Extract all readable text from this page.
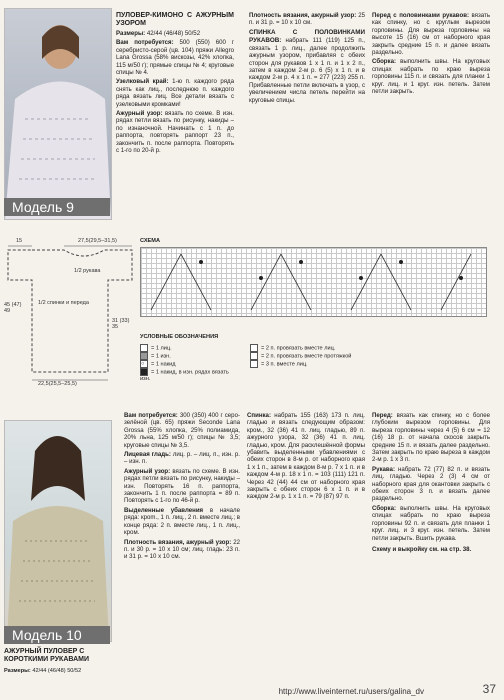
Модель 9
ПУЛОВЕР-КИМОНО С АЖУРНЫМ УЗОРОМ

Размеры: 42/44 (46/48) 50/52

Вам потребуется: 500 (550) 600 г серебристо-серой (цв. 104) пряжи Allegro Lana Grossa (58% вискозы, 42% хлопка, 115 м/50 г); прямые спицы № 4; круговые спицы № 4.

Узелковый край: 1-ю п. каждого ряда снять как лиц., последнюю п. каждого ряда вязать лиц. Все детали вязать с узелковыми кромками!

Ажурный узор: вязать по схеме. В изн. рядах петли вязать по рисунку, накиды – по изнаночной. Начинать с 1 п. до раппорта, повторять раппорт 23 п., закончить п. после раппорта. Повторять с 1-го по 20-й р.

Плотность вязания, ажурный узор: 25 п. и 31 р. = 10 х 10 см.

СПИНКА С ПОЛОВИНКАМИ РУКАВОВ: набрать 111 (119) 125 п., связать 1 р. лиц., далее продолжить ажурным узором, прибавляя с обеих сторон для рукавов 1 х 1 п. и 1 х 2 п., затем в каждом 2-м р. 6 (5) х 1 п. и в каждом 2-м р. 4 х 1 п. = 277 (223) 255 п. Прибавленные петли включать в узор, с увеличением числа петель перейти на круговые спицы.

Перед с половинками рукавов: вязать как спинку, но с круглым вырезом горловины. Для выреза горловины на высоте 15 (16) см от наборного края закрыть средние 15 п. и далее вязать раздельно.

Сборка: выполнить швы. На круговых спицах набрать по краю выреза горловины 115 п. и связать для планки 1 круг. лиц. и 1 круг. изн. петель. Затем петли закрыть.

15	27,5(29,5–31,5)
1/2 рукава
1/2 спинки и переда
45 (47) 49
31 (33) 35
22,5(25,5–25,5)
СХЕМА
УСЛОВНЫЕ ОБОЗНАЧЕНИЯ
= 1 лиц.
= 1 изн.
○ = 1 накид
= 1 накид, в изн. рядах вязать изн.
= 2 п. провязать вместе лиц.
= 2 п. провязать вместе протяжкой
= 3 п. вместе лиц.
Модель 10
АЖУРНЫЙ ПУЛОВЕР С КОРОТКИМИ РУКАВАМИ
Размеры: 42/44 (46/48) 50/52

Вам потребуется: 300 (350) 400 г серо-зелёной (цв. 65) пряжи Seconde Lana Grossa (55% хлопка, 25% полиамида, 20% льна, 125 м/50 г); спицы № 3,5; круговые спицы № 3,5.

Лицевая гладь: лиц. р. – лиц. п., изн. р. – изн. п.

Ажурный узор: вязать по схеме. В изн. рядах петли вязать по рисунку, накиды – изн. Повторять 16 п. раппорта, закончить 1 п. после раппорта = 89 п. Повторять с 1-го по 46-й р.

Выделенные убавления в начале ряда: крom., 1 п. лиц., 2 п. вместе лиц.; в конце ряда: 2 п. вместе лиц., 1 п. лиц., кром.

Плотность вязания, ажурный узор: 22 п. и 30 р. = 10 х 10 см; лиц. гладь: 23 п. и 31 р. = 10 х 10 см.

Спинка: набрать 155 (163) 173 п. лиц. гладью и вязать следующим образом: кром., 32 (36) 41 п. лиц. гладью, 89 п. ажурного узора, 32 (36) 41 п. лиц. гладью, кром. Для расклешённой формы убавить выделенными убавлениями с обеих сторон в 8-м р. от наборного края 1 х 1 п., затем в каждом 8-м р. 7 х 1 п. и в каждом 4-м р. 18 х 1 п. = 103 (111) 121 п. Через 42 (44) 44 см от наборного края закрыть с обеих сторон 6 х 1 п. и в каждом 2-м р. 1 х 1 п. = 79 (87) 97 п.

Перед: вязать как спинку, но с более глубоким вырезом горловины. Для выреза горловины через 4 (5) 6 см = 12 (16) 18 р. от начала скосов закрыть средние 15 п. и вязать далее раздельно. Затем закрыть по краю выреза в каждом 2-м р. 1 х 3 п.

Рукава: набрать 72 (77) 82 п. и вязать лиц. гладью. Через 2 (3) 4 см от наборного края для окантовки закрыть с обеих сторон 3 п. и вязать далее раздельно.

Сборка: выполнить швы. На круговых спицах набрать по краю выреза горловины 92 п. и связать для планки 1 круг. лиц. и 3 круг. изн. петель. Затем петли закрыть. Вшить рукава.

Схему и выкройку см. на стр. 38.

http://www.liveinternet.ru/users/galina_dv	37
